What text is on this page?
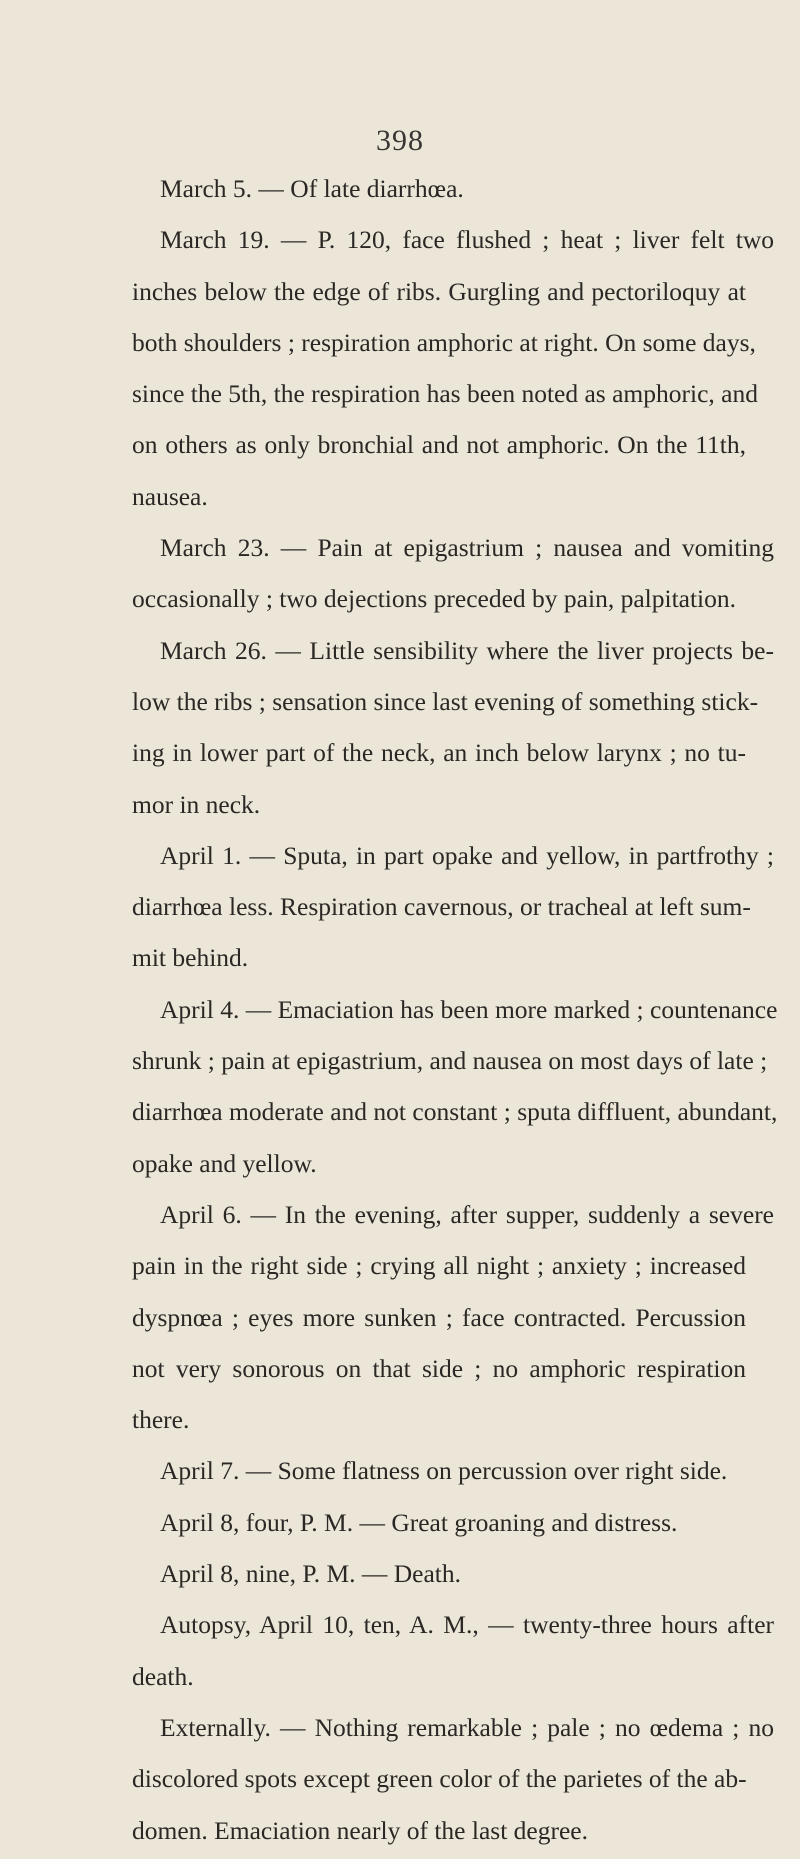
398
March 5. — Of late diarrhœa.
March 19. — P. 120, face flushed ; heat ; liver felt two
inches below the edge of ribs. Gurgling and pectoriloquy at
both shoulders ; respiration amphoric at right. On some days,
since the 5th, the respiration has been noted as amphoric, and
on others as only bronchial and not amphoric. On the 11th,
nausea.
March 23. — Pain at epigastrium ; nausea and vomiting
occasionally ; two dejections preceded by pain, palpitation.
March 26. — Little sensibility where the liver projects be-
low the ribs ; sensation since last evening of something stick-
ing in lower part of the neck, an inch below larynx ; no tu-
mor in neck.
April 1. — Sputa, in part opake and yellow, in partfrothy ;
diarrhœa less. Respiration cavernous, or tracheal at left sum-
mit behind.
April 4. — Emaciation has been more marked ; countenance
shrunk ; pain at epigastrium, and nausea on most days of late ;
diarrhœa moderate and not constant ; sputa diffluent, abundant,
opake and yellow.
April 6. — In the evening, after supper, suddenly a severe
pain in the right side ; crying all night ; anxiety ; increased
dyspnœa ; eyes more sunken ; face contracted. Percussion
not very sonorous on that side ; no amphoric respiration
there.
April 7. — Some flatness on percussion over right side.
April 8, four, P. M. — Great groaning and distress.
April 8, nine, P. M. — Death.
Autopsy, April 10, ten, A. M., — twenty-three hours after
death.
Externally. — Nothing remarkable ; pale ; no œdema ; no
discolored spots except green color of the parietes of the ab-
domen. Emaciation nearly of the last degree.
